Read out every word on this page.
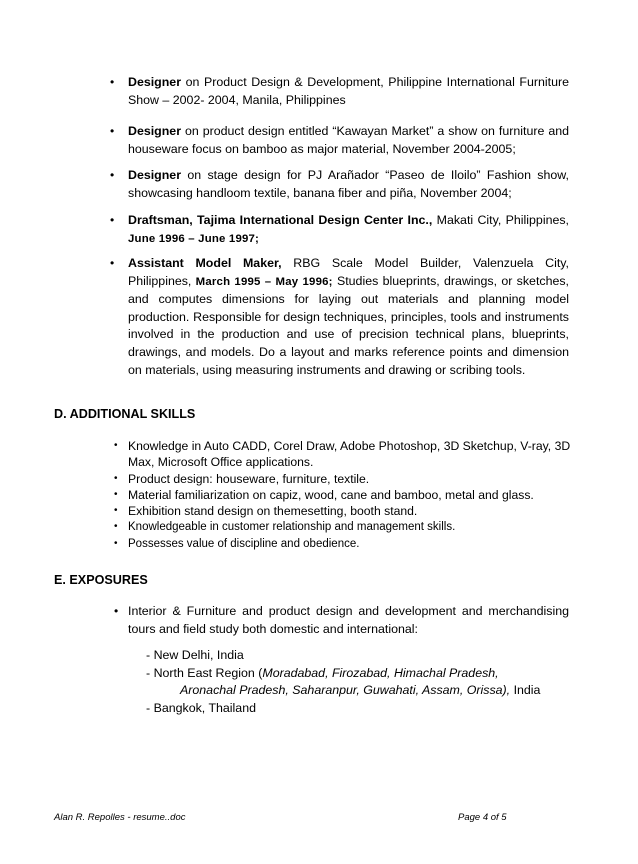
• Designer on Product Design & Development, Philippine International Furniture Show – 2002- 2004, Manila, Philippines
• Designer on product design entitled “Kawayan Market” a show on furniture and houseware focus on bamboo as major material, November 2004-2005;
• Designer on stage design for PJ Arañador “Paseo de Iloilo” Fashion show, showcasing handloom textile, banana fiber and piña, November 2004;
• Draftsman, Tajima International Design Center Inc., Makati City, Philippines, June 1996 – June 1997;
• Assistant Model Maker, RBG Scale Model Builder, Valenzuela City, Philippines, March 1995 – May 1996; Studies blueprints, drawings, or sketches, and computes dimensions for laying out materials and planning model production. Responsible for design techniques, principles, tools and instruments involved in the production and use of precision technical plans, blueprints, drawings, and models. Do a layout and marks reference points and dimension on materials, using measuring instruments and drawing or scribing tools.
D. ADDITIONAL SKILLS
• Knowledge in Auto CADD, Corel Draw, Adobe Photoshop, 3D Sketchup, V-ray, 3D Max, Microsoft Office applications.
• Product design: houseware, furniture, textile.
• Material familiarization on capiz, wood, cane and bamboo, metal and glass.
• Exhibition stand design on themesetting, booth stand.
• Knowledgeable in customer relationship and management skills.
• Possesses value of discipline and obedience.
E. EXPOSURES
• Interior & Furniture and product design and development and merchandising tours and field study both domestic and international:
- New Delhi, India
- North East Region (Moradabad, Firozabad, Himachal Pradesh,
Aronachal Pradesh, Saharanpur, Guwahati, Assam, Orissa), India
- Bangkok, Thailand
Alan R. Repolles - resume..doc	Page 4 of 5
